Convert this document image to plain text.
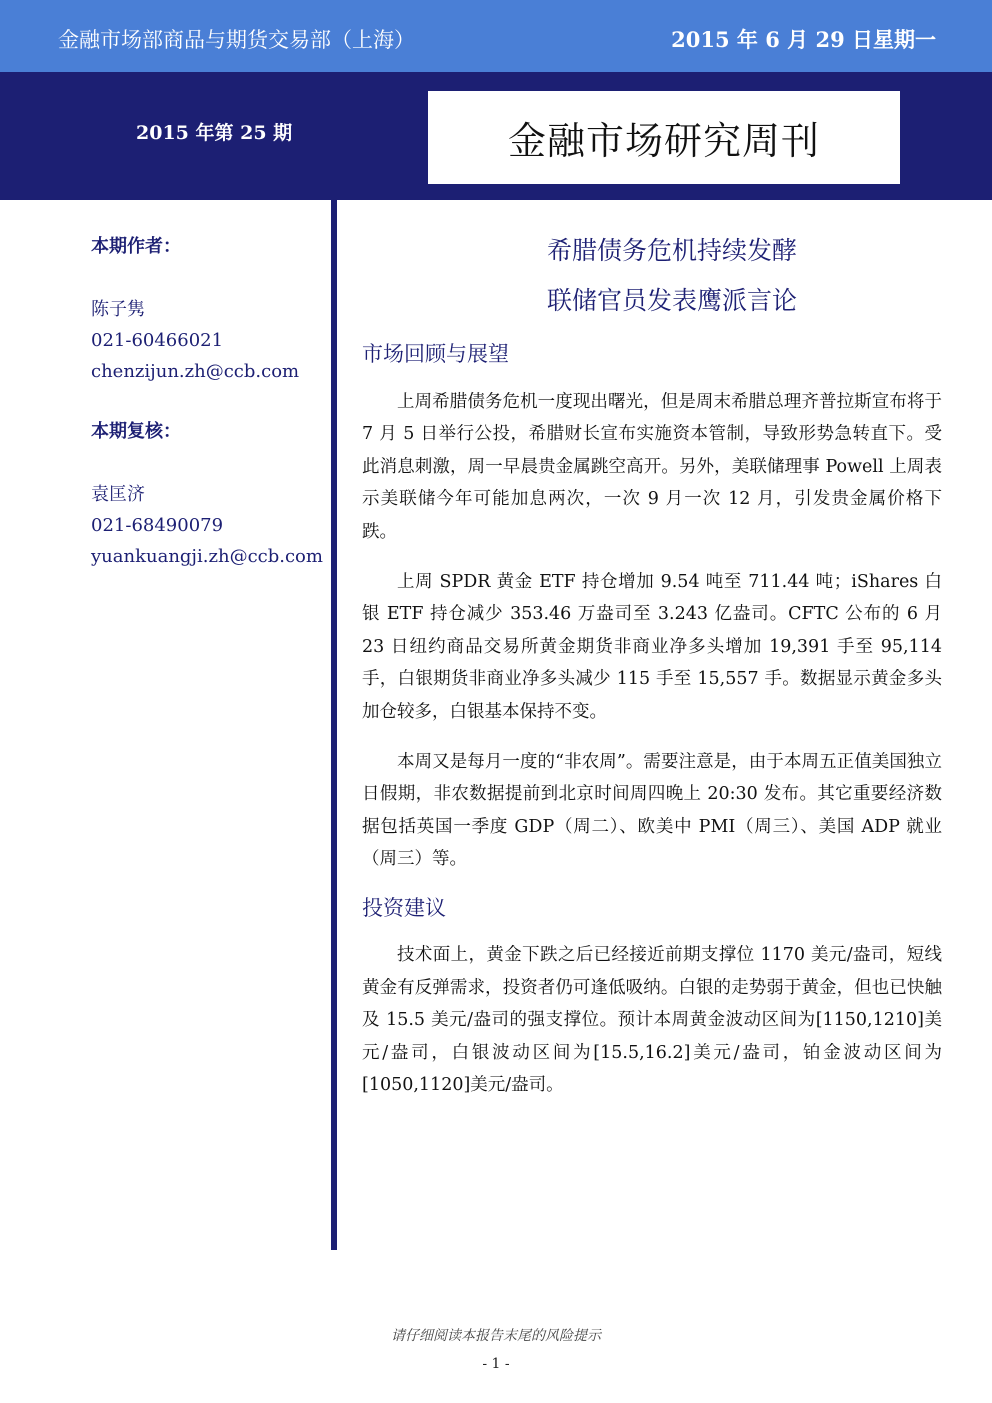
金融市场部商品与期货交易部（上海）	2015 年 6 月 29 日星期一
2015 年第 25 期	金融市场研究周刊
本期作者：
陈子隽
021-60466021
chenzijun.zh@ccb.com
本期复核：
袁匡济
021-68490079
yuankuangji.zh@ccb.com
希腊债务危机持续发酵
联储官员发表鹰派言论
市场回顾与展望

上周希腊债务危机一度现出曙光，但是周末希腊总理齐普拉斯宣布将于 7 月 5 日举行公投，希腊财长宣布实施资本管制，导致形势急转直下。受此消息刺激，周一早晨贵金属跳空高开。另外，美联储理事 Powell 上周表示美联储今年可能加息两次，一次 9 月一次 12 月，引发贵金属价格下跌。

上周 SPDR 黄金 ETF 持仓增加 9.54 吨至 711.44 吨；iShares 白银 ETF 持仓减少 353.46 万盎司至 3.243 亿盎司。CFTC 公布的 6 月 23 日纽约商品交易所黄金期货非商业净多头增加 19,391 手至 95,114 手，白银期货非商业净多头减少 115 手至 15,557 手。数据显示黄金多头加仓较多，白银基本保持不变。

本周又是每月一度的“非农周”。需要注意是，由于本周五正值美国独立日假期，非农数据提前到北京时间周四晚上 20:30 发布。其它重要经济数据包括英国一季度 GDP（周二）、欧美中 PMI（周三）、美国 ADP 就业（周三）等。

投资建议

技术面上，黄金下跌之后已经接近前期支撑位 1170 美元/盎司，短线黄金有反弹需求，投资者仍可逢低吸纳。白银的走势弱于黄金，但也已快触及 15.5 美元/盎司的强支撑位。预计本周黄金波动区间为[1150,1210]美元/盎司，白银波动区间为[15.5,16.2]美元/盎司，铂金波动区间为[1050,1120]美元/盎司。

请仔细阅读本报告末尾的风险提示
- 1 -
